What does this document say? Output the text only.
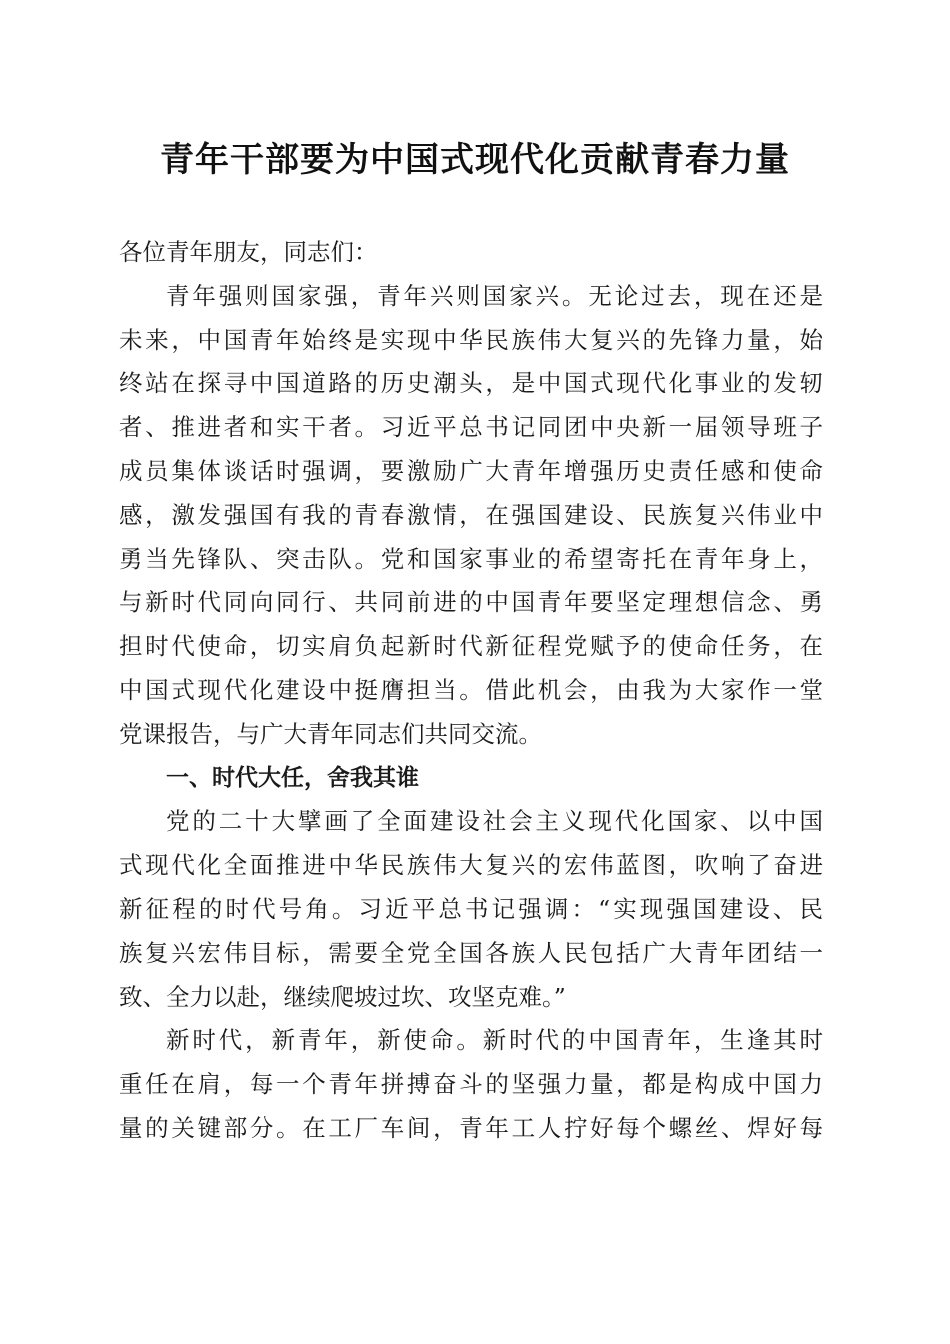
青年干部要为中国式现代化贡献青春力量
各位青年朋友，同志们：
青年强则国家强，青年兴则国家兴。无论过去，现在还是
未来，中国青年始终是实现中华民族伟大复兴的先锋力量，始
终站在探寻中国道路的历史潮头，是中国式现代化事业的发轫
者、推进者和实干者。习近平总书记同团中央新一届领导班子
成员集体谈话时强调，要激励广大青年增强历史责任感和使命
感，激发强国有我的青春激情，在强国建设、民族复兴伟业中
勇当先锋队、突击队。党和国家事业的希望寄托在青年身上，
与新时代同向同行、共同前进的中国青年要坚定理想信念、勇
担时代使命，切实肩负起新时代新征程党赋予的使命任务，在
中国式现代化建设中挺膺担当。借此机会，由我为大家作一堂
党课报告，与广大青年同志们共同交流。
一、时代大任，舍我其谁
党的二十大擘画了全面建设社会主义现代化国家、以中国
式现代化全面推进中华民族伟大复兴的宏伟蓝图，吹响了奋进
新征程的时代号角。习近平总书记强调：“实现强国建设、民
族复兴宏伟目标，需要全党全国各族人民包括广大青年团结一
致、全力以赴，继续爬坡过坎、攻坚克难。”
新时代，新青年，新使命。新时代的中国青年，生逢其时
重任在肩，每一个青年拼搏奋斗的坚强力量，都是构成中国力
量的关键部分。在工厂车间，青年工人拧好每个螺丝、焊好每
